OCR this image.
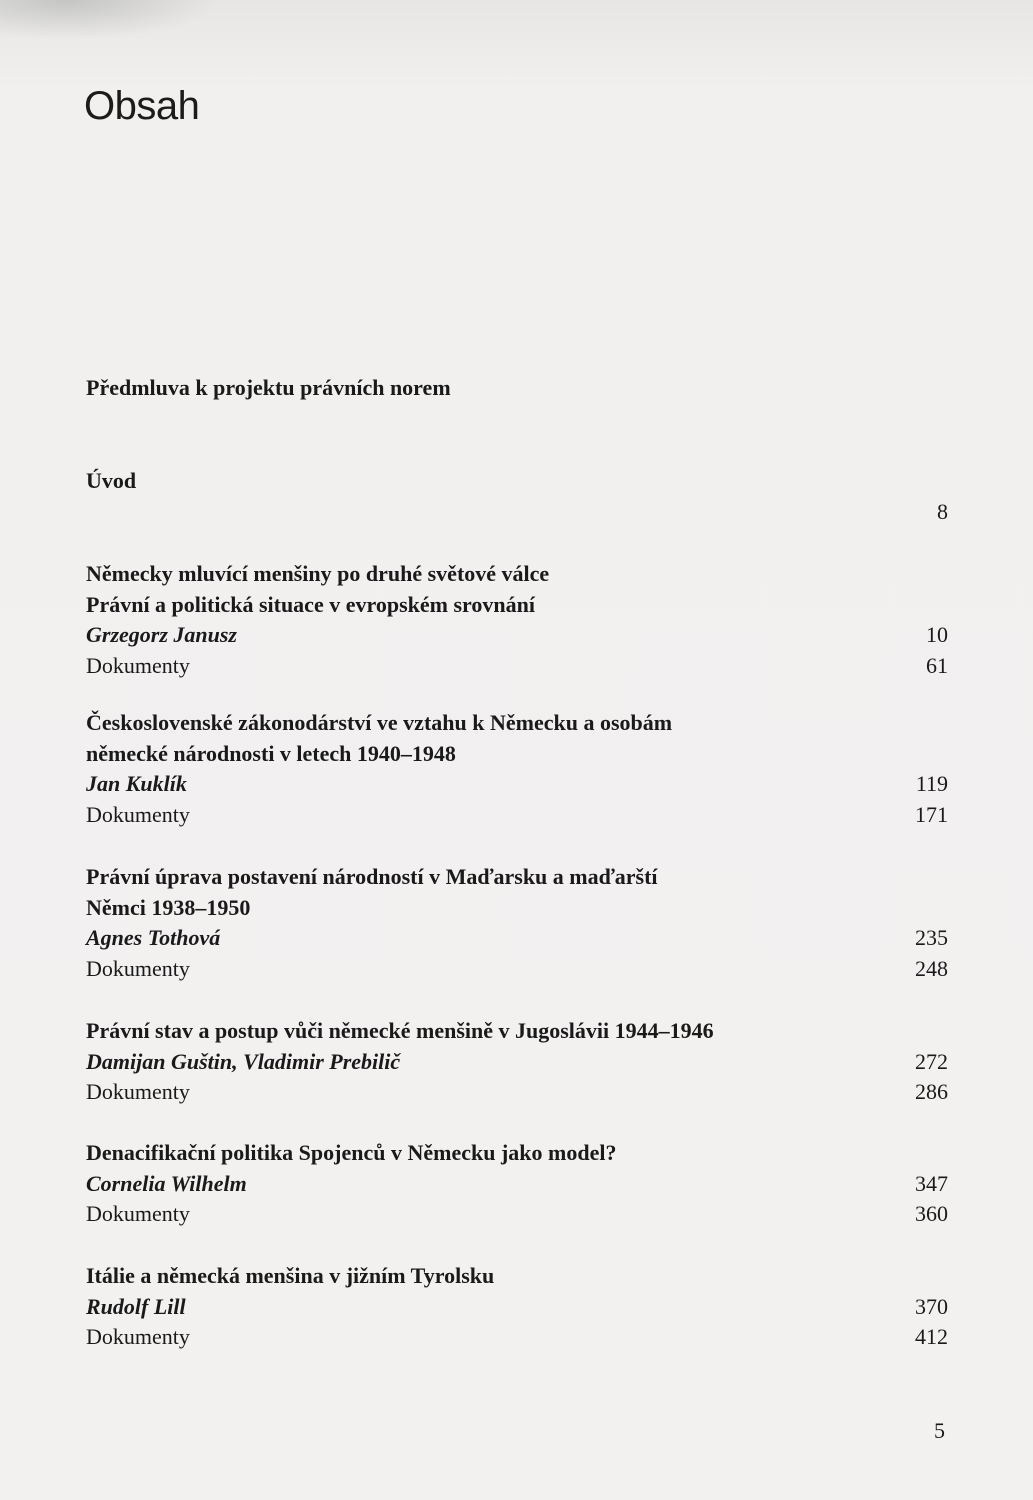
Obsah
Předmluva k projektu právních norem
Úvod
8
Německy mluvící menšiny po druhé světové válce
Právní a politická situace v evropském srovnání
Grzegorz Janusz	10
Dokumenty	61
Československé zákonodárství ve vztahu k Německu a osobám
německé národnosti v letech 1940–1948
Jan Kuklík	119
Dokumenty	171
Právní úprava postavení národností v Maďarsku a maďarští
Němci 1938–1950
Agnes Tothová	235
Dokumenty	248
Právní stav a postup vůči německé menšině v Jugoslávii 1944–1946
Damijan Guštin, Vladimir Prebilič	272
Dokumenty	286
Denacifikační politika Spojenců v Německu jako model?
Cornelia Wilhelm	347
Dokumenty	360
Itálie a německá menšina v jižním Tyrolsku
Rudolf Lill	370
Dokumenty	412
5
